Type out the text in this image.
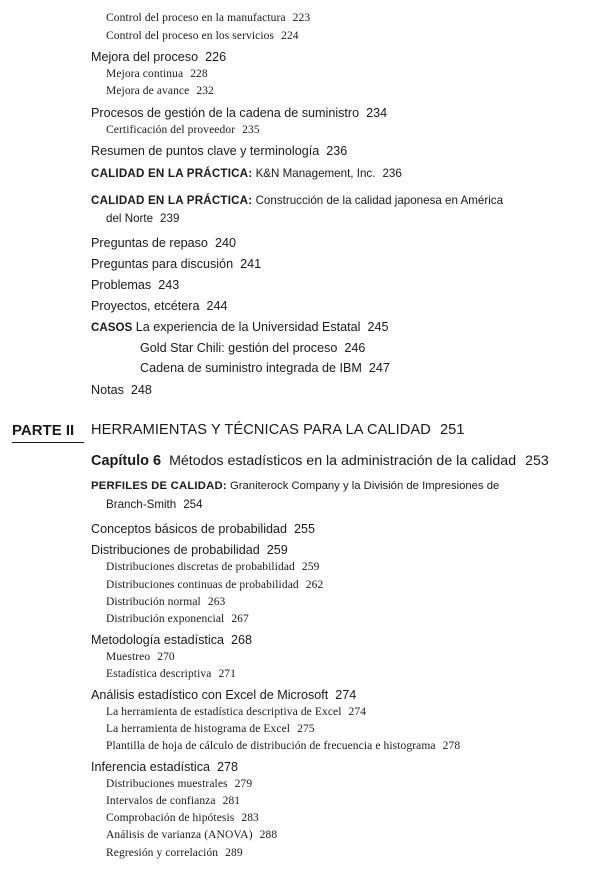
Control del proceso en la manufactura 223
Control del proceso en los servicios 224
Mejora del proceso 226
Mejora continua 228
Mejora de avance 232
Procesos de gestión de la cadena de suministro 234
Certificación del proveedor 235
Resumen de puntos clave y terminología 236
CALIDAD EN LA PRÁCTICA: K&N Management, Inc. 236
CALIDAD EN LA PRÁCTICA: Construcción de la calidad japonesa en América
del Norte 239
Preguntas de repaso 240
Preguntas para discusión 241
Problemas 243
Proyectos, etcétera 244
CASOS La experiencia de la Universidad Estatal 245
Gold Star Chili: gestión del proceso 246
Cadena de suministro integrada de IBM 247
Notas 248
PARTE II HERRAMIENTAS Y TÉCNICAS PARA LA CALIDAD 251
Capítulo 6 Métodos estadísticos en la administración de la calidad 253
PERFILES DE CALIDAD: Graniterock Company y la División de Impresiones de
Branch-Smith 254
Conceptos básicos de probabilidad 255
Distribuciones de probabilidad 259
Distribuciones discretas de probabilidad 259
Distribuciones continuas de probabilidad 262
Distribución normal 263
Distribución exponencial 267
Metodología estadística 268
Muestreo 270
Estadística descriptiva 271
Análisis estadístico con Excel de Microsoft 274
La herramienta de estadística descriptiva de Excel 274
La herramienta de histograma de Excel 275
Plantilla de hoja de cálculo de distribución de frecuencia e histograma 278
Inferencia estadística 278
Distribuciones muestrales 279
Intervalos de confianza 281
Comprobación de hipótesis 283
Análisis de varianza (ANOVA) 288
Regresión y correlación 289
